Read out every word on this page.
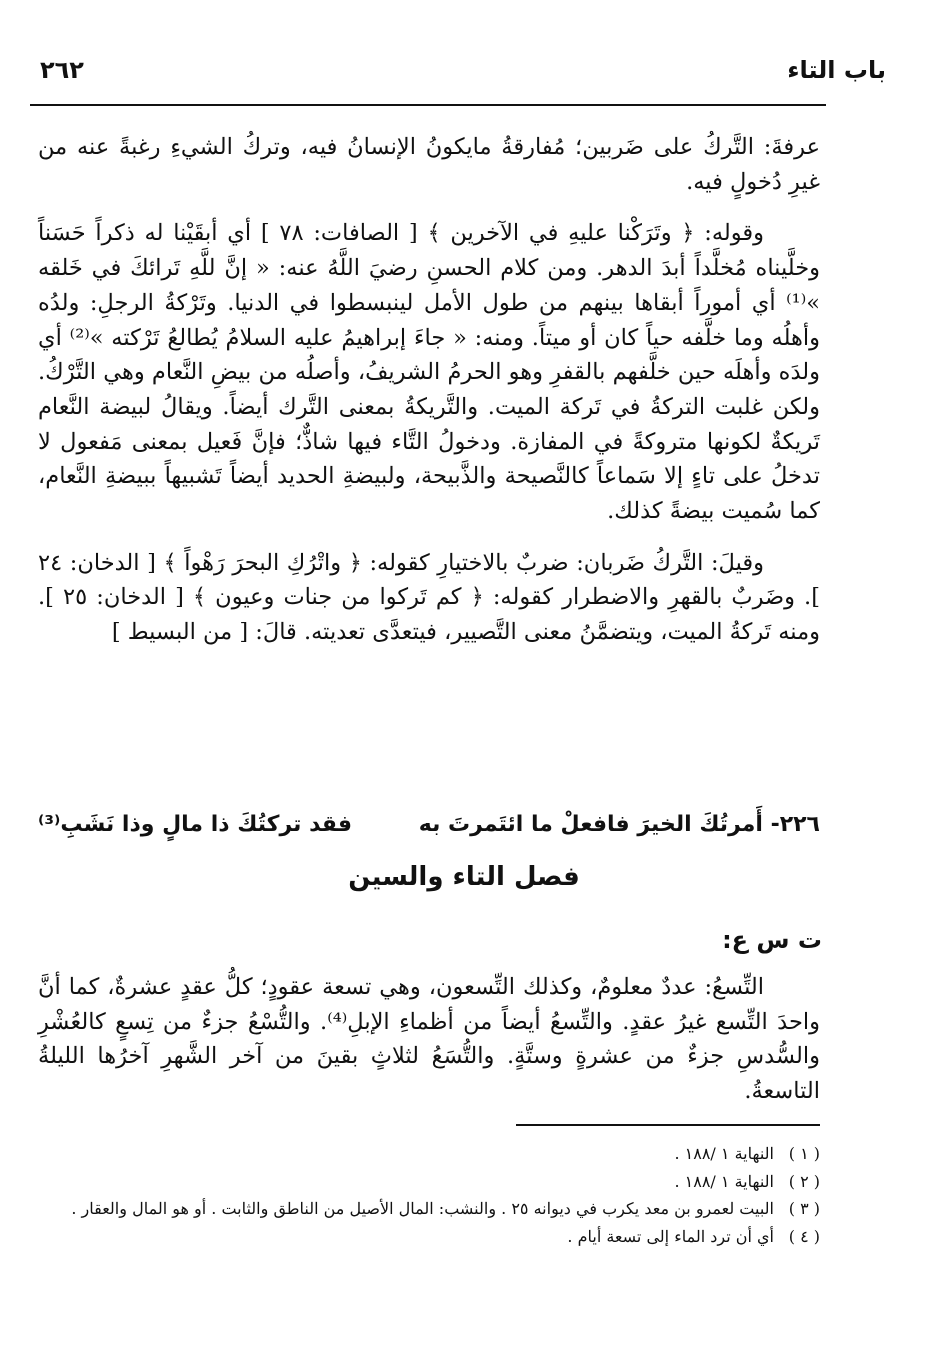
٢٦٢	باب التاء

عرفةَ: التَّركُ على ضَربين؛ مُفارقةُ مايكونُ الإنسانُ فيه، وتركُ الشيءِ رغبةً عنه من غيرِ دُخولٍ فيه.

وقوله: ﴿ وتَرَكْنا عليهِ في الآخرين ﴾ [ الصافات: ٧٨ ] أي أبقَيْنا له ذكراً حَسَناً وخلَّيناه مُخلَّداً أبدَ الدهر. ومن كلام الحسنِ رضيَ اللَّهُ عنه: « إنَّ للَّهِ تَرائكَ في خَلقه »⁽¹⁾ أي أموراً أبقاها بينهم من طول الأمل لينبسطوا في الدنيا. وتَرْكةُ الرجلِ: ولدُه وأهلُه وما خلَّفه حياً كان أو ميتاً. ومنه: « جاءَ إبراهيمُ عليه السلامُ يُطالعُ تَرْكته »⁽²⁾ أي ولدَه وأهلَه حين خلَّفهم بالقفرِ وهو الحرمُ الشريفُ، وأصلُه من بيضِ النَّعام وهي التَّرْكُ. ولكن غلبت التركةُ في تَركة الميت. والتَّريكةُ بمعنى التَّرك أيضاً. ويقالُ لبيضة النَّعام تَريكةٌ لكونها متروكةً في المفازة. ودخولُ التَّاء فيها شاذٌّ؛ فإنَّ فَعيل بمعنى مَفعول لا تدخلُ على تاءٍ إلا سَماعاً كالنَّصيحة والذَّبيحة، ولبيضةِ الحديد أيضاً تَشبيهاً ببيضةِ النَّعام، كما سُميت بيضةً كذلك.

وقيلَ: التَّركُ ضَربان: ضربٌ بالاختيارِ كقوله: ﴿ واتْرُكِ البحرَ رَهْواً ﴾ [ الدخان: ٢٤ ]. وضَربٌ بالقهرِ والاضطرار كقوله: ﴿ كم تَركوا من جنات وعيون ﴾ [ الدخان: ٢٥ ]. ومنه تَركةُ الميت، ويتضمَّنُ معنى التَّصيير، فيتعدَّى تعديته. قالَ: [ من البسيط ]

٢٢٦- أَمرتُكَ الخيرَ فافعلْ ما ائتَمرتَ به
فقد تركتُكَ ذا مالٍ وذا نَشَبِ⁽³⁾
فصل التاء والسين
ت س ع:

التِّسعُ: عددٌ معلومٌ، وكذلك التِّسعون، وهي تسعة عقودٍ؛ كلُّ عقدٍ عشرةٌ، كما أنَّ واحدَ التِّسع غيرُ عقدٍ. والتِّسعُ أيضاً من أظماءِ الإبلِ⁽⁴⁾. والتُّسْعُ جزءٌ من تِسعٍ كالعُشْرِ والسُّدسِ جزءٌ من عشرةٍ وستَّةٍ. والتُّسَعُ لثلاثٍ بقينَ من آخر الشَّهرِ آخرُها الليلةُ التاسعةُ.

( ١ )
النهاية ١ /١٨٨ .
( ٢ )
النهاية ١ /١٨٨ .
( ٣ )
البيت لعمرو بن معد يكرب في ديوانه ٢٥ . والنشب: المال الأصيل من الناطق والثابت . أو هو المال والعقار .
( ٤ )
أي أن ترد الماء إلى تسعة أيام .
